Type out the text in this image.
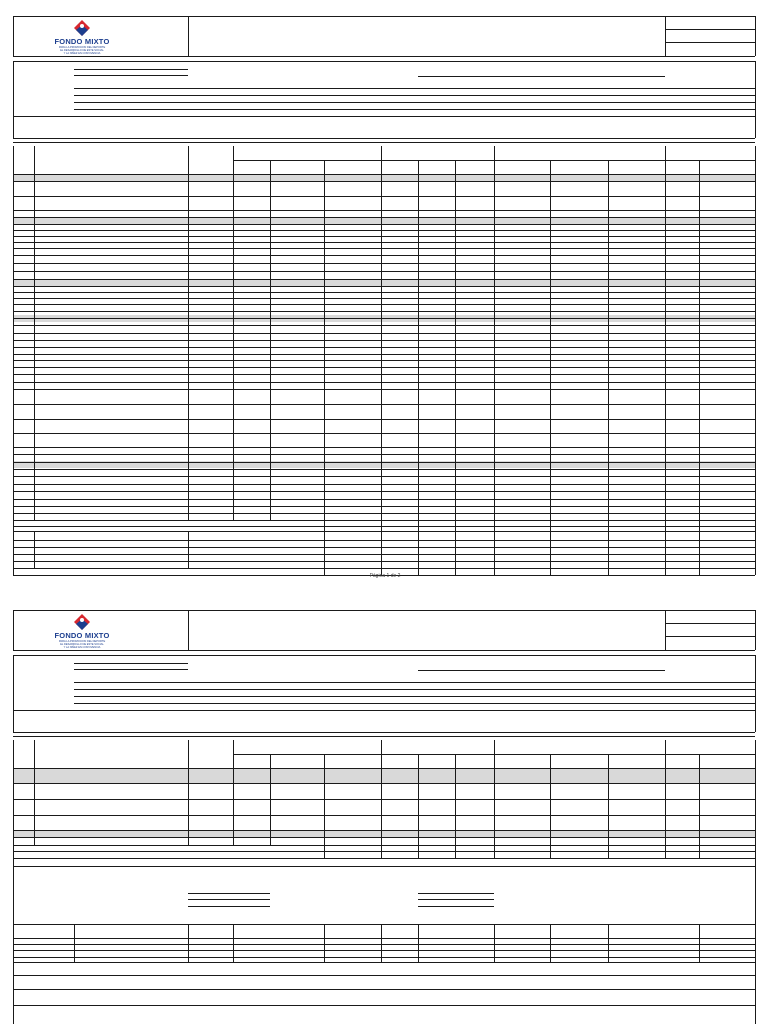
FONDO MIXTO
PARA LA PROMOCION DEL DEPORTE
EL DESARROLLO DE ESTE SOCIAL
Y LA NIÑEZ EN CONVIVENCIA
FONDO MIXTO
PARA LA PROMOCION DEL DEPORTE
EL DESARROLLO DE ESTE SOCIAL
Y LA NIÑEZ EN CONVIVENCIA
Página 1 de 2
